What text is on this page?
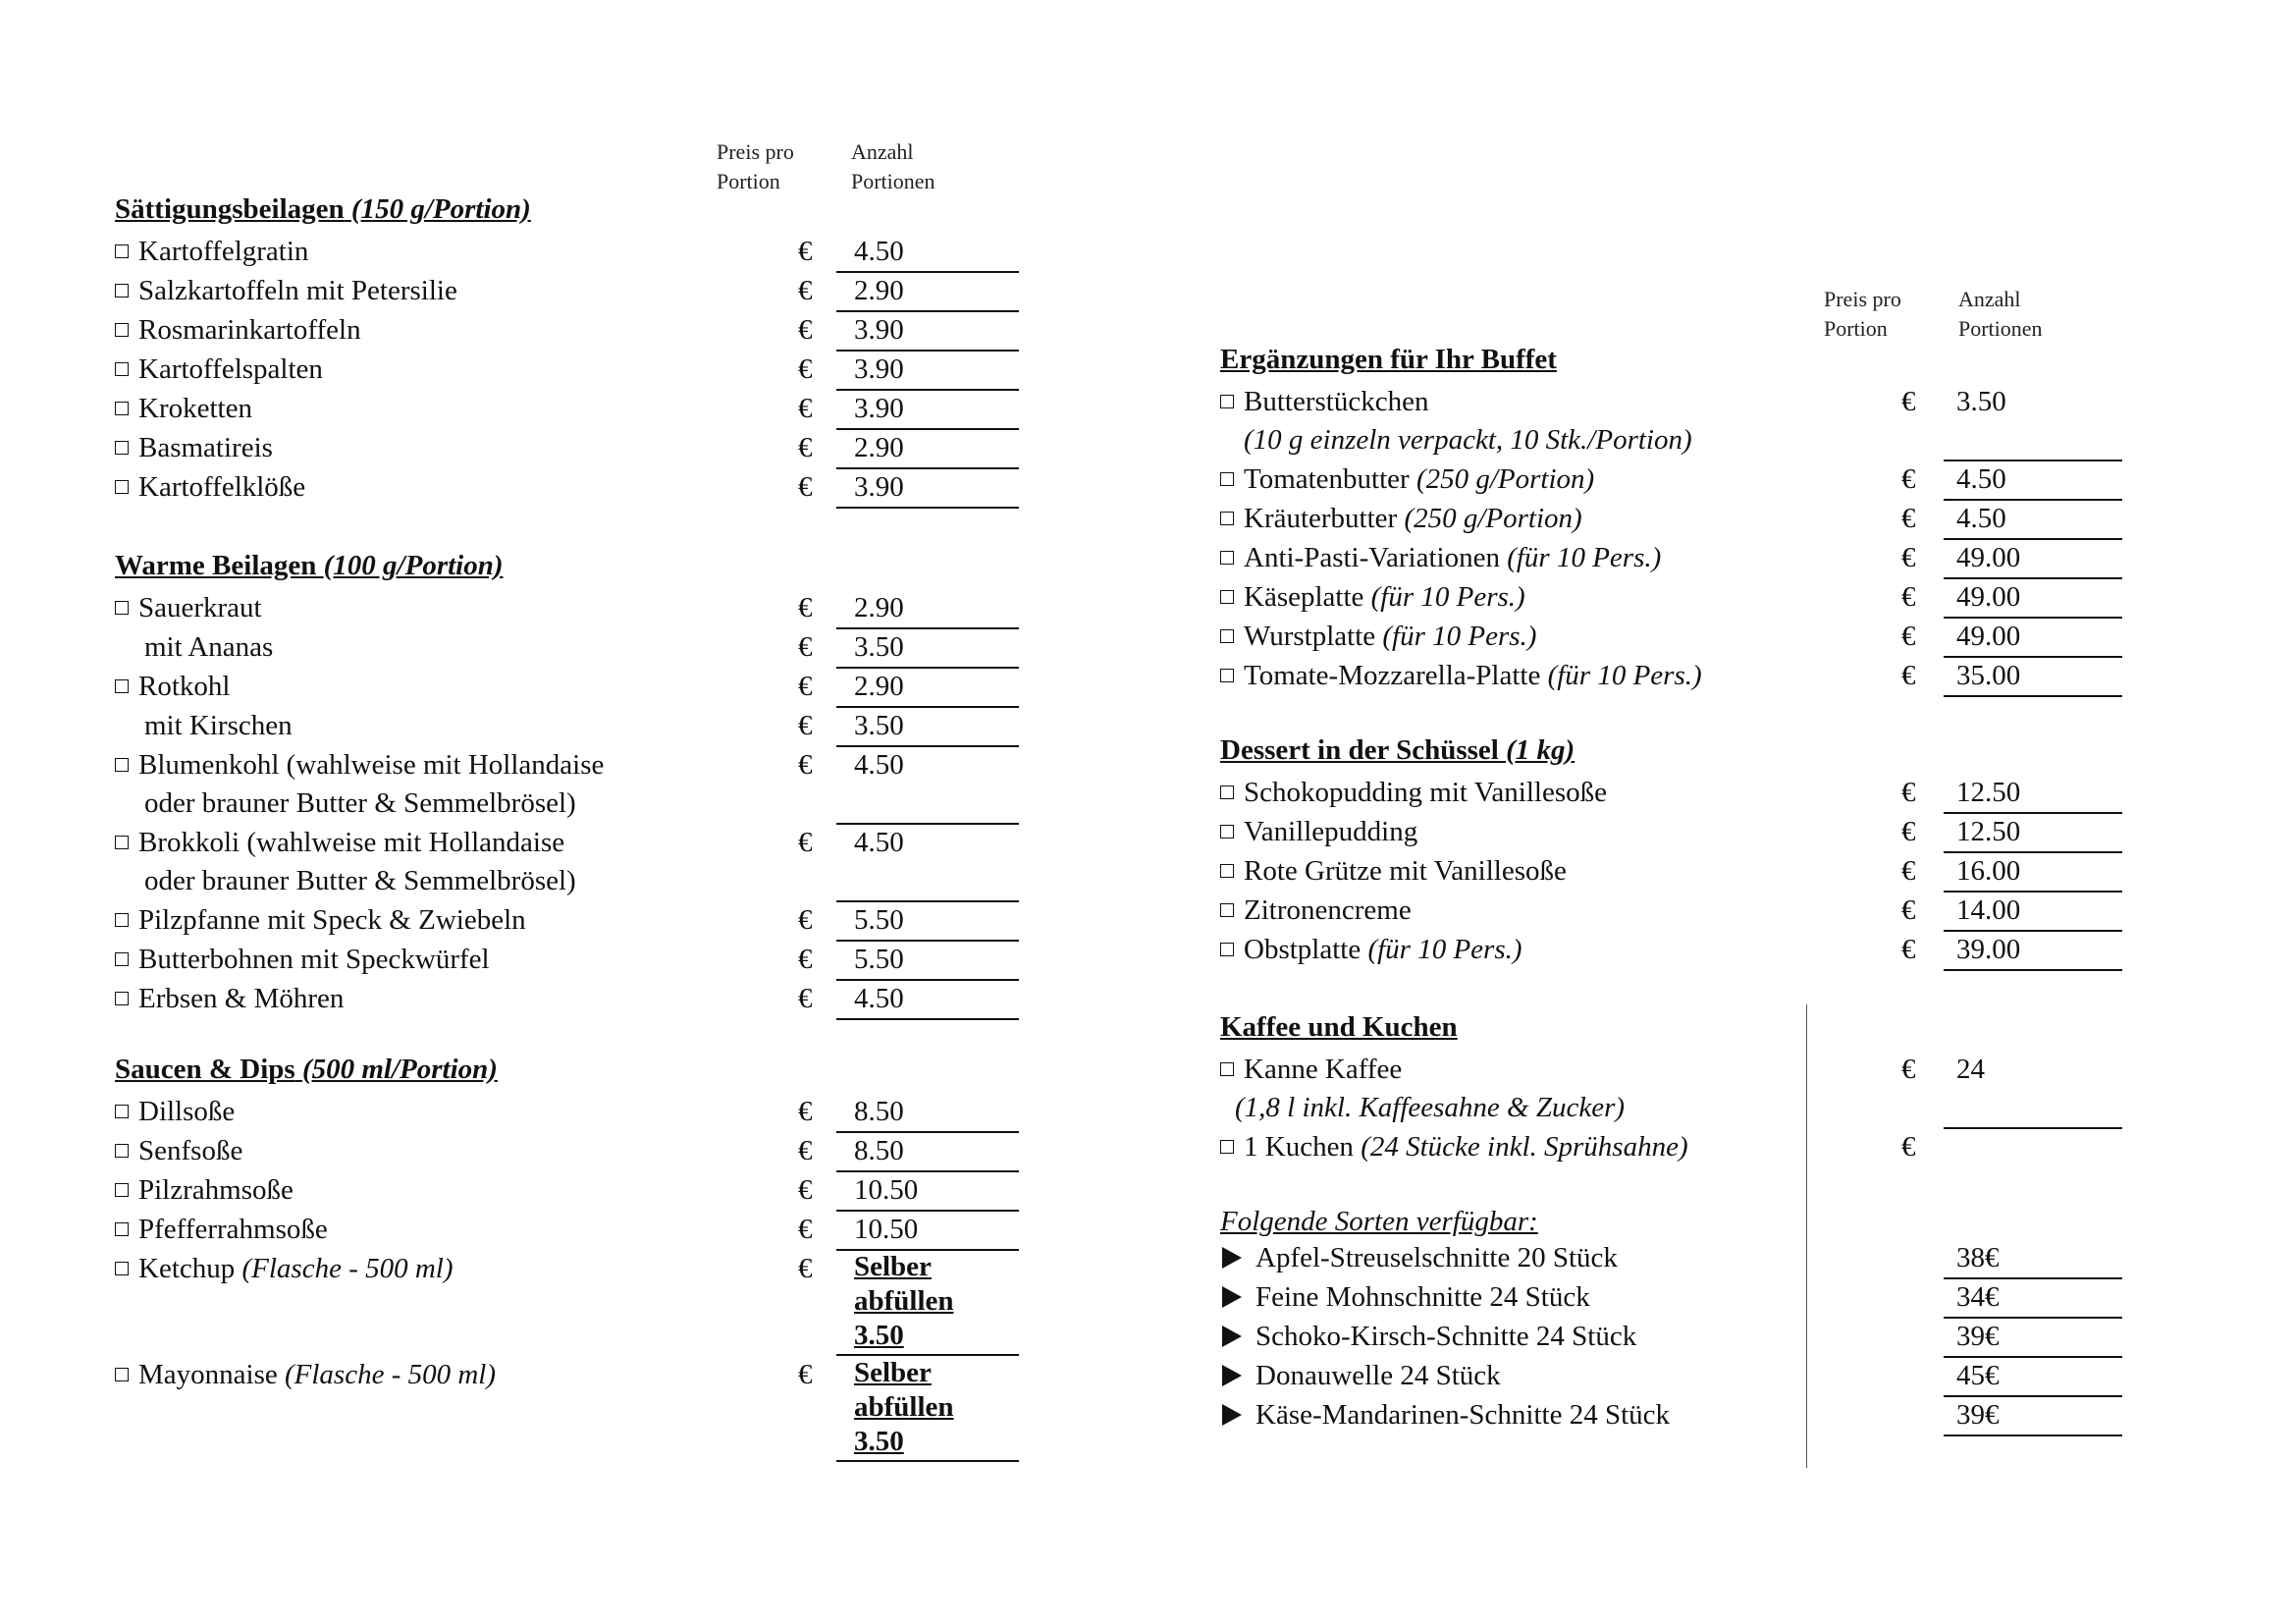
Preis pro
Portion
Anzahl
Portionen
Sättigungsbeilagen (150 g/Portion)
Kartoffelgratin	€ 4.50
Salzkartoffeln mit Petersilie	€ 2.90
Rosmarinkartoffeln	€ 3.90
Kartoffelspalten	€ 3.90
Kroketten	€ 3.90
Basmatireis	€ 2.90
Kartoffelklöße	€ 3.90
Warme Beilagen (100 g/Portion)
Sauerkraut	€ 2.90
mit Ananas	€ 3.50
Rotkohl	€ 2.90
mit Kirschen	€ 3.50
Blumenkohl (wahlweise mit Hollandaise	€ 4.50
oder brauner Butter & Semmelbrösel)
Brokkoli (wahlweise mit Hollandaise	€ 4.50
oder brauner Butter & Semmelbrösel)
Pilzpfanne mit Speck & Zwiebeln	€ 5.50
Butterbohnen mit Speckwürfel	€ 5.50
Erbsen & Möhren	€ 4.50
Saucen & Dips (500 ml/Portion)
Dillsoße	€ 8.50
Senfsoße	€ 8.50
Pilzrahmsoße	€ 10.50
Pfefferrahmsoße	€ 10.50
Ketchup (Flasche - 500 ml)	€ Selber
abfüllen
3.50
Mayonnaise (Flasche - 500 ml)	€ Selber
abfüllen
3.50
Preis pro
Portion
Anzahl
Portionen
Ergänzungen für Ihr Buffet
Butterstückchen	€ 3.50
(10 g einzeln verpackt, 10 Stk./Portion)
Tomatenbutter (250 g/Portion)	€ 4.50
Kräuterbutter (250 g/Portion)	€ 4.50
Anti-Pasti-Variationen (für 10 Pers.)	€ 49.00
Käseplatte (für 10 Pers.)	€ 49.00
Wurstplatte (für 10 Pers.)	€ 49.00
Tomate-Mozzarella-Platte (für 10 Pers.)	€ 35.00
Dessert in der Schüssel (1 kg)
Schokopudding mit Vanillesoße	€ 12.50
Vanillepudding	€ 12.50
Rote Grütze mit Vanillesoße	€ 16.00
Zitronencreme	€ 14.00
Obstplatte (für 10 Pers.)	€ 39.00
Kaffee und Kuchen
Kanne Kaffee	€ 24
(1,8 l inkl. Kaffeesahne & Zucker)
1 Kuchen (24 Stücke inkl. Sprühsahne)	€
Folgende Sorten verfügbar:
Apfel-Streuselschnitte 20 Stück	38€
Feine Mohnschnitte 24 Stück	34€
Schoko-Kirsch-Schnitte 24 Stück	39€
Donauwelle 24 Stück	45€
Käse-Mandarinen-Schnitte 24 Stück	39€
